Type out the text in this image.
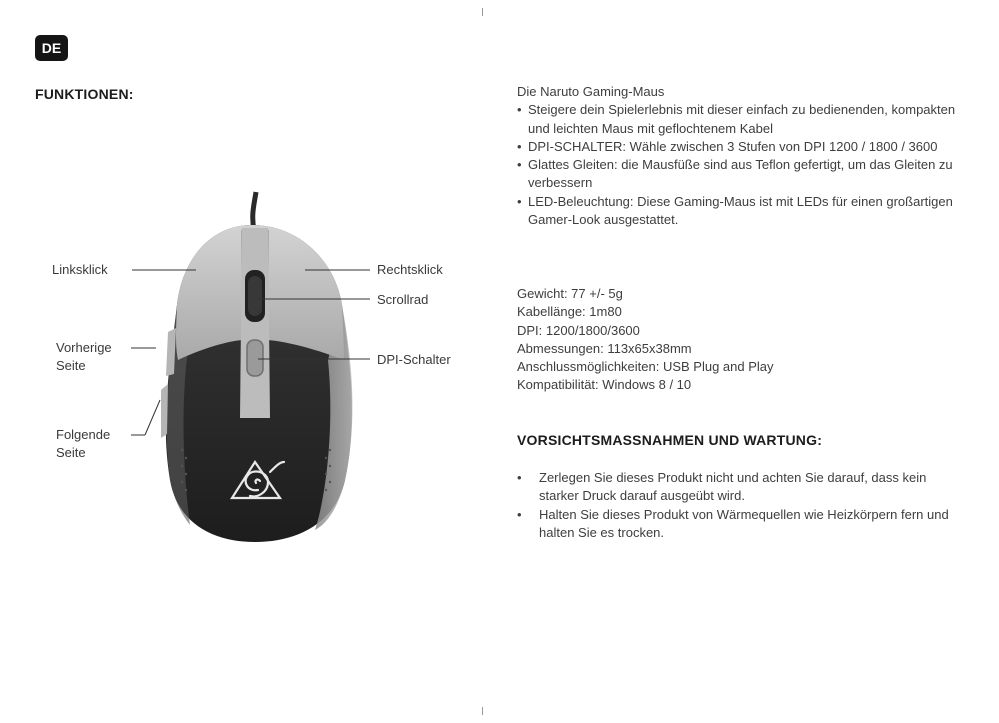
DE
FUNKTIONEN:
Linksklick	Rechtsklick
Scrollrad
DPI-Schalter
Vorherige
Seite
Folgende
Seite
Die Naruto Gaming-Maus
• Steigere dein Spielerlebnis mit dieser einfach zu bedienenden, kompakten und leichten Maus mit geflochtenem Kabel
• DPI-SCHALTER: Wähle zwischen 3 Stufen von DPI 1200 / 1800 / 3600
• Glattes Gleiten: die Mausfüße sind aus Teflon gefertigt, um das Gleiten zu verbessern
• LED-Beleuchtung: Diese Gaming-Maus ist mit LEDs für einen großartigen Gamer-Look ausgestattet.
Gewicht: 77 +/- 5g
Kabellänge: 1m80
DPI: 1200/1800/3600
Abmessungen: 113x65x38mm
Anschlussmöglichkeiten: USB Plug and Play
Kompatibilität: Windows 8 / 10
VORSICHTSMASSNAHMEN UND WARTUNG:
• Zerlegen Sie dieses Produkt nicht und achten Sie darauf, dass kein starker Druck darauf ausgeübt wird.
• Halten Sie dieses Produkt von Wärmequellen wie Heizkörpern fern und halten Sie es trocken.
